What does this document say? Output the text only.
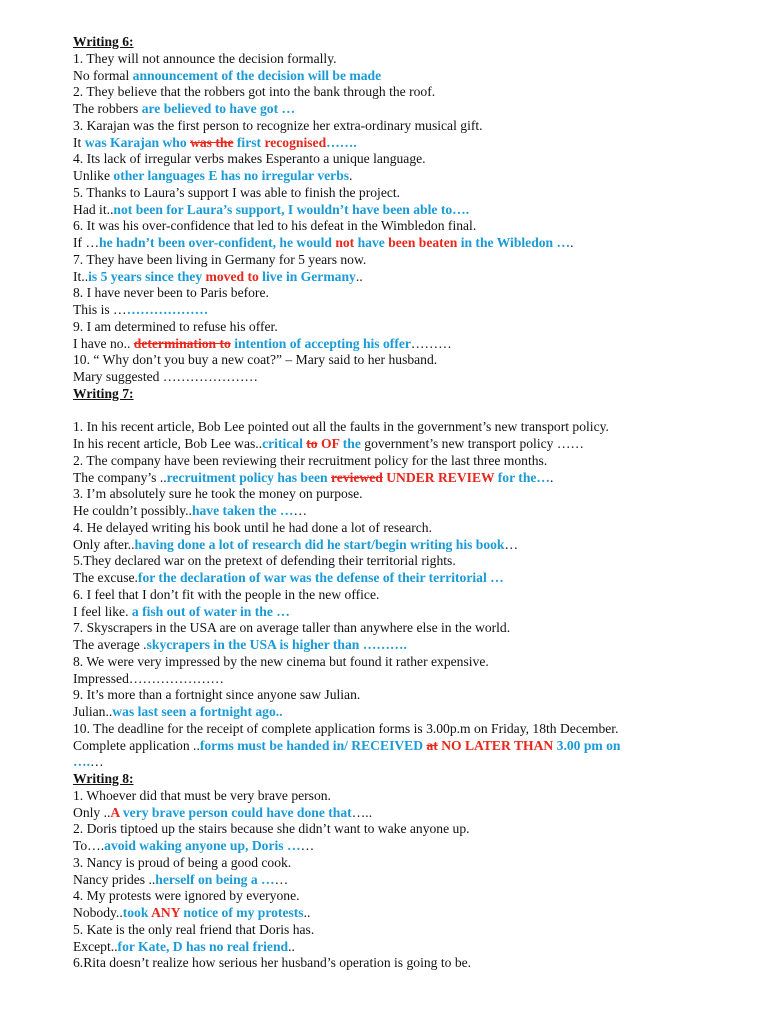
Writing 6:
1. They will not announce the decision formally.
No formal announcement of the decision will be made
2. They believe that the robbers got into the bank through the roof.
The robbers are believed to have got …
3. Karajan was the first person to recognize her extra-ordinary musical gift.
It was Karajan who was the first recognised…….
4. Its lack of irregular verbs makes Esperanto a unique language.
Unlike other languages E has no irregular verbs.
5. Thanks to Laura’s support I was able to finish the project.
Had it..not been for Laura’s support, I wouldn’t have been able to….
6. It was his over-confidence that led to his defeat in the Wimbledon final.
If …he hadn’t been over-confident, he would not have been beaten in the Wibledon ….
7. They have been living in Germany for 5 years now.
It..is 5 years since they moved to live in Germany..
8. I have never been to Paris before.
This is …………………
9. I am determined to refuse his offer.
I have no.. determination to intention of accepting his offer………
10. “ Why don’t you buy a new coat?” – Mary said to her husband.
Mary suggested …………………
Writing 7:
1. In his recent article, Bob Lee pointed out all the faults in the government’s new transport policy.
In his recent article, Bob Lee was..critical to OF the government’s new transport policy ……
2. The company have been reviewing their recruitment policy for the last three months.
The company’s ..recruitment policy has been reviewed UNDER REVIEW for the….
3. I’m absolutely sure he took the money on purpose.
He couldn’t possibly..have taken the ……
4. He delayed writing his book until he had done a lot of research.
Only after..having done a lot of research did he start/begin writing his book…
5.They declared war on the pretext of defending their territorial rights.
The excuse.for the declaration of war was the defense of their territorial …
6. I feel that I don’t fit with the people in the new office.
I feel like. a fish out of water in the …
7. Skyscrapers in the USA are on average taller than anywhere else in the world.
The average .skycrapers in the USA is higher than ……….
8. We were very impressed by the new cinema but found it rather expensive.
Impressed…………………
9. It’s more than a fortnight since anyone saw Julian.
Julian..was last seen a fortnight ago..
10. The deadline for the receipt of complete application forms is 3.00p.m on Friday, 18th December.
Complete application ..forms must be handed in/ RECEIVED at NO LATER THAN 3.00 pm on
….…
Writing 8:
1. Whoever did that must be very brave person.
Only ..A very brave person could have done that…..
2. Doris tiptoed up the stairs because she didn’t want to wake anyone up.
To….avoid waking anyone up, Doris ……
3. Nancy is proud of being a good cook.
Nancy prides ..herself on being a ……
4. My protests were ignored by everyone.
Nobody..took ANY notice of my protests..
5. Kate is the only real friend that Doris has.
Except..for Kate, D has no real friend..
6.Rita doesn’t realize how serious her husband’s operation is going to be.
